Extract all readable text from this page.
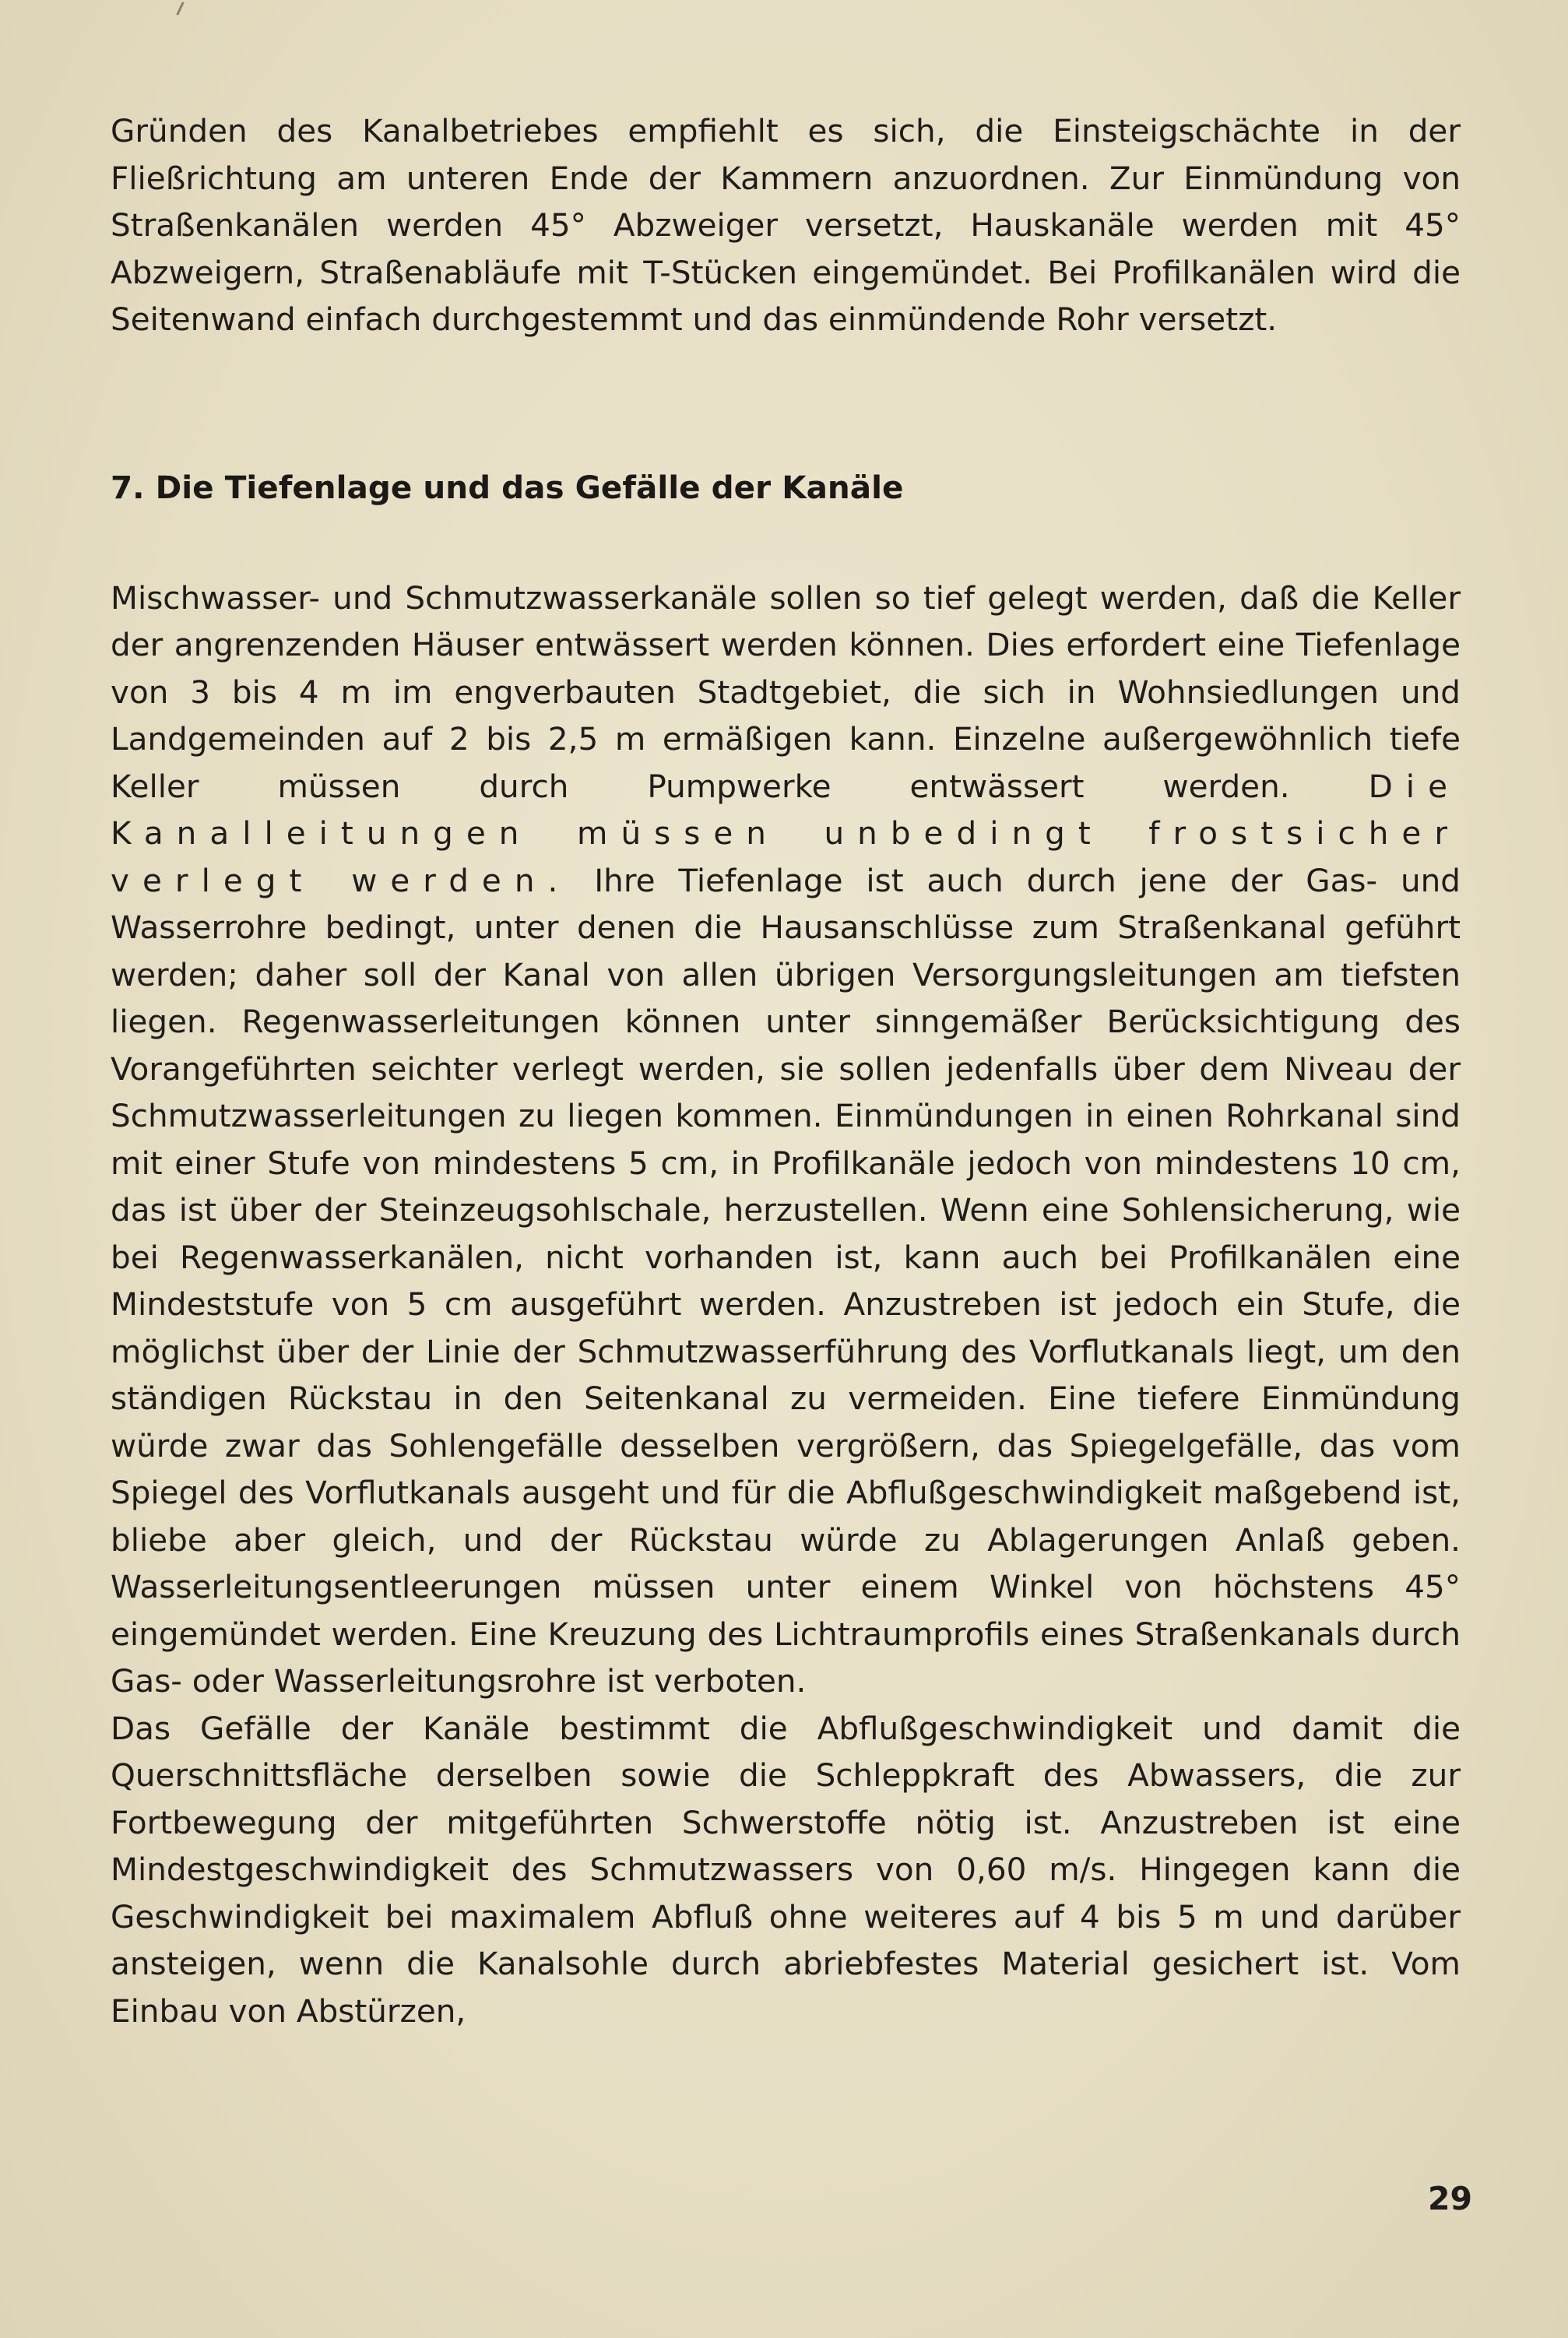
Gründen des Kanalbetriebes empfiehlt es sich, die Einsteigschächte in der Fließrichtung am unteren Ende der Kammern anzuordnen. Zur Einmündung von Straßenkanälen werden 45° Abzweiger versetzt, Hauskanäle werden mit 45° Abzweigern, Straßenabläufe mit T-Stücken eingemündet. Bei Profilkanälen wird die Seitenwand einfach durchgestemmt und das einmündende Rohr versetzt.

7. Die Tiefenlage und das Gefälle der Kanäle

Mischwasser- und Schmutzwasserkanäle sollen so tief gelegt werden, daß die Keller der angrenzenden Häuser entwässert werden können. Dies erfordert eine Tiefenlage von 3 bis 4 m im engverbauten Stadtgebiet, die sich in Wohnsiedlungen und Landgemeinden auf 2 bis 2,5 m ermäßigen kann. Einzelne außergewöhnlich tiefe Keller müssen durch Pumpwerke entwässert werden. Die Kanalleitungen müssen unbedingt frostsicher verlegt werden. Ihre Tiefenlage ist auch durch jene der Gas- und Wasserrohre bedingt, unter denen die Hausanschlüsse zum Straßenkanal geführt werden; daher soll der Kanal von allen übrigen Versorgungsleitungen am tiefsten liegen. Regenwasserleitungen können unter sinngemäßer Berücksichtigung des Vorangeführten seichter verlegt werden, sie sollen jedenfalls über dem Niveau der Schmutzwasserleitungen zu liegen kommen. Einmündungen in einen Rohrkanal sind mit einer Stufe von mindestens 5 cm, in Profilkanäle jedoch von mindestens 10 cm, das ist über der Steinzeugsohlschale, herzustellen. Wenn eine Sohlensicherung, wie bei Regenwasserkanälen, nicht vorhanden ist, kann auch bei Profilkanälen eine Mindeststufe von 5 cm ausgeführt werden. Anzustreben ist jedoch ein Stufe, die möglichst über der Linie der Schmutzwasserführung des Vorflutkanals liegt, um den ständigen Rückstau in den Seitenkanal zu vermeiden. Eine tiefere Einmündung würde zwar das Sohlengefälle desselben vergrößern, das Spiegelgefälle, das vom Spiegel des Vorflutkanals ausgeht und für die Abflußgeschwindigkeit maßgebend ist, bliebe aber gleich, und der Rückstau würde zu Ablagerungen Anlaß geben. Wasserleitungsentleerungen müssen unter einem Winkel von höchstens 45° eingemündet werden. Eine Kreuzung des Lichtraumprofils eines Straßenkanals durch Gas- oder Wasserleitungsrohre ist verboten.

Das Gefälle der Kanäle bestimmt die Abflußgeschwindigkeit und damit die Querschnittsfläche derselben sowie die Schleppkraft des Abwassers, die zur Fortbewegung der mitgeführten Schwerstoffe nötig ist. Anzustreben ist eine Mindestgeschwindigkeit des Schmutzwassers von 0,60 m/s. Hingegen kann die Geschwindigkeit bei maximalem Abfluß ohne weiteres auf 4 bis 5 m und darüber ansteigen, wenn die Kanalsohle durch abriebfestes Material gesichert ist. Vom Einbau von Abstürzen,

29
